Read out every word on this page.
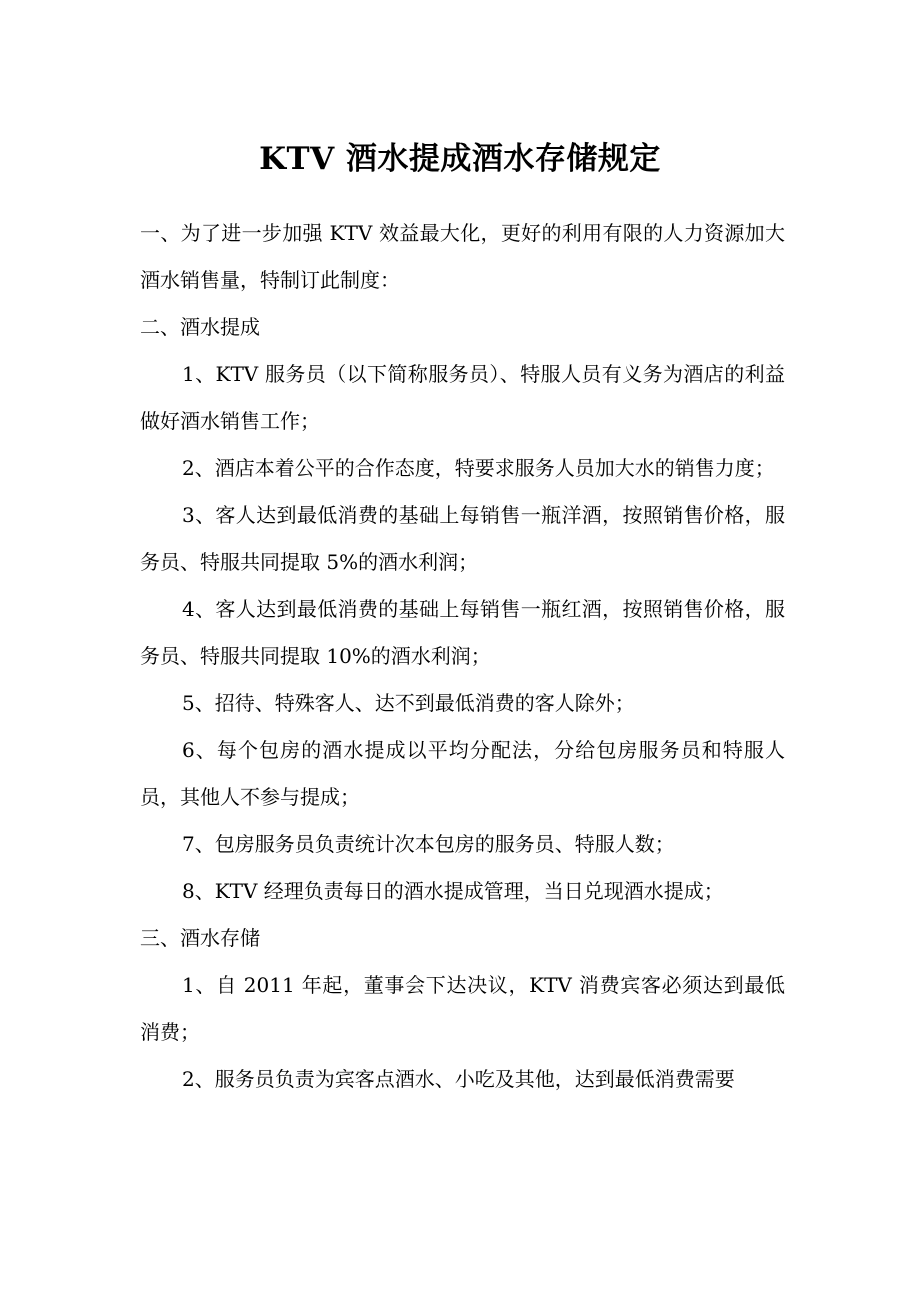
KTV 酒水提成酒水存储规定

一、为了进一步加强 KTV 效益最大化，更好的利用有限的人力资源加大酒水销售量，特制订此制度：

二、酒水提成

1、KTV 服务员（以下简称服务员）、特服人员有义务为酒店的利益做好酒水销售工作；

2、酒店本着公平的合作态度，特要求服务人员加大水的销售力度；

3、客人达到最低消费的基础上每销售一瓶洋酒，按照销售价格，服务员、特服共同提取 5%的酒水利润；

4、客人达到最低消费的基础上每销售一瓶红酒，按照销售价格，服务员、特服共同提取 10%的酒水利润；

5、招待、特殊客人、达不到最低消费的客人除外；

6、每个包房的酒水提成以平均分配法，分给包房服务员和特服人员，其他人不参与提成；

7、包房服务员负责统计次本包房的服务员、特服人数；

8、KTV 经理负责每日的酒水提成管理，当日兑现酒水提成；

三、酒水存储

1、自 2011 年起，董事会下达决议，KTV 消费宾客必须达到最低消费；

2、服务员负责为宾客点酒水、小吃及其他，达到最低消费需要
